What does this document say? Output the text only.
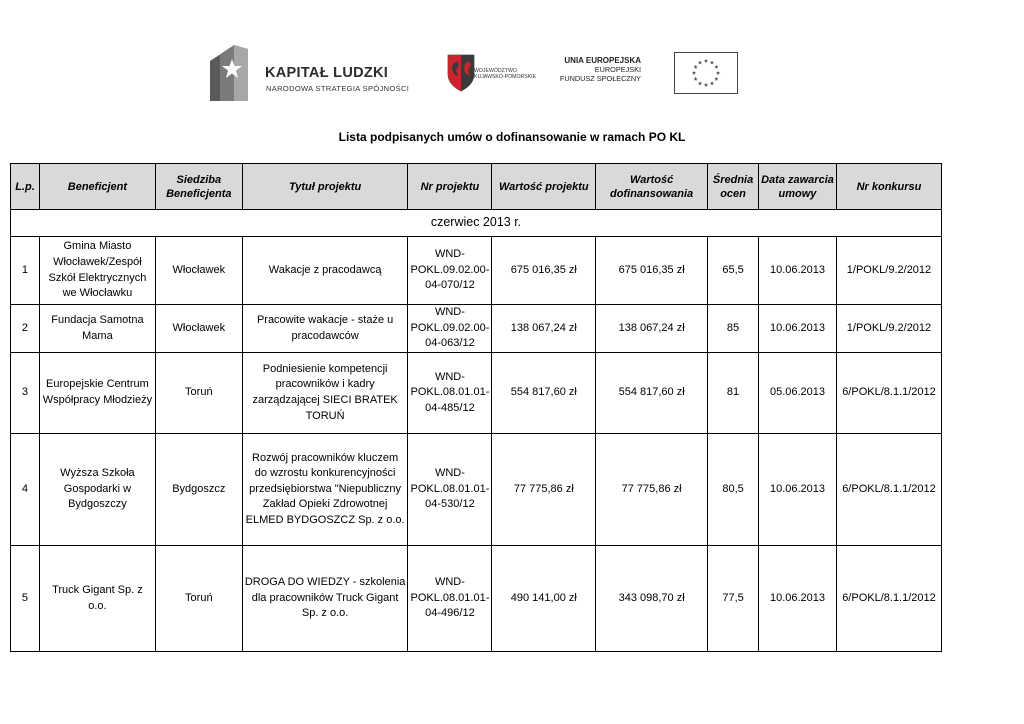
KAPITAŁ LUDZKI
NARODOWA STRATEGIA SPÓJNOŚCI
WOJEWÓDZTWO
KUJAWSKO-POMORSKIE
UNIA EUROPEJSKA
EUROPEJSKI
FUNDUSZ SPOŁECZNY
Lista podpisanych umów o dofinansowanie w ramach PO KL
L.p.	Beneficjent	Siedziba Beneficjenta	Tytuł projektu	Nr projektu	Wartość projektu	Wartość dofinansowania	Średnia ocen	Data zawarcia umowy	Nr konkursu
czerwiec 2013 r.									
1	Gmina Miasto Włocławek/Zespół Szkół Elektrycznych we Włocławku	Włocławek	Wakacje z pracodawcą	WND-POKL.09.02.00-04-070/12	675 016,35 zł	675 016,35 zł	65,5	10.06.2013	1/POKL/9.2/2012
2	Fundacja Samotna Mama	Włocławek	Pracowite wakacje - staże u pracodawców	WND-POKL.09.02.00-04-063/12	138 067,24 zł	138 067,24 zł	85	10.06.2013	1/POKL/9.2/2012
3	Europejskie Centrum Współpracy Młodzieży	Toruń	Podniesienie kompetencji pracowników i kadry zarządzającej SIECI BRATEK TORUŃ	WND-POKL.08.01.01-04-485/12	554 817,60 zł	554 817,60 zł	81	05.06.2013	6/POKL/8.1.1/2012
4	Wyższa Szkoła Gospodarki w Bydgoszczy	Bydgoszcz	Rozwój pracowników kluczem do wzrostu konkurencyjności przedsiębiorstwa "Niepubliczny Zakład Opieki Zdrowotnej ELMED BYDGOSZCZ Sp. z o.o.	WND-POKL.08.01.01-04-530/12	77 775,86 zł	77 775,86 zł	80,5	10.06.2013	6/POKL/8.1.1/2012
5	Truck Gigant Sp. z o.o.	Toruń	DROGA DO WIEDZY - szkolenia dla pracowników Truck Gigant Sp. z o.o.	WND-POKL.08.01.01-04-496/12	490 141,00 zł	343 098,70 zł	77,5	10.06.2013	6/POKL/8.1.1/2012
